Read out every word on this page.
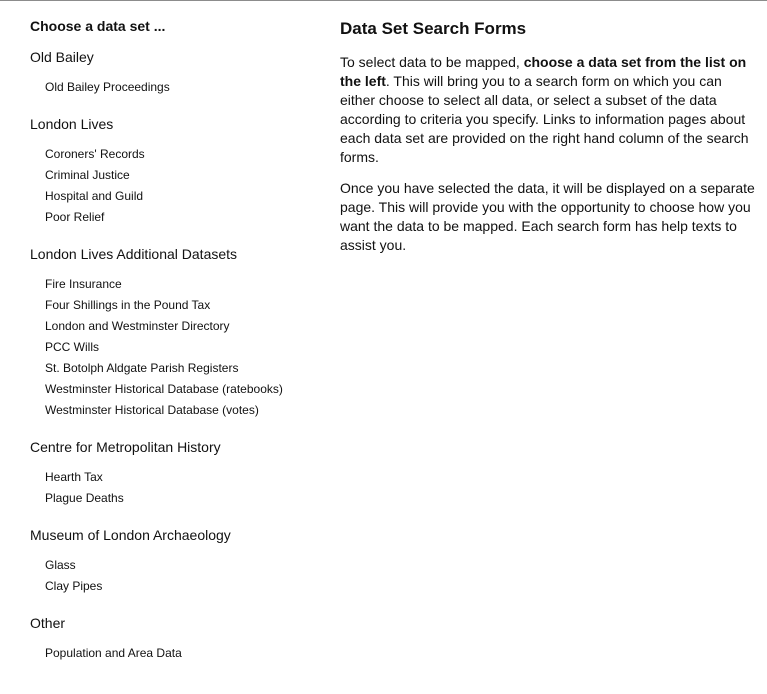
Choose a data set ...
Old Bailey
Old Bailey Proceedings
London Lives
Coroners' Records
Criminal Justice
Hospital and Guild
Poor Relief
London Lives Additional Datasets
Fire Insurance
Four Shillings in the Pound Tax
London and Westminster Directory
PCC Wills
St. Botolph Aldgate Parish Registers
Westminster Historical Database (ratebooks)
Westminster Historical Database (votes)
Centre for Metropolitan History
Hearth Tax
Plague Deaths
Museum of London Archaeology
Glass
Clay Pipes
Other
Population and Area Data
Data Set Search Forms

To select data to be mapped, choose a data set from the list on the left. This will bring you to a search form on which you can either choose to select all data, or select a subset of the data according to criteria you specify. Links to information pages about each data set are provided on the right hand column of the search forms.

Once you have selected the data, it will be displayed on a separate page. This will provide you with the opportunity to choose how you want the data to be mapped. Each search form has help texts to assist you.
